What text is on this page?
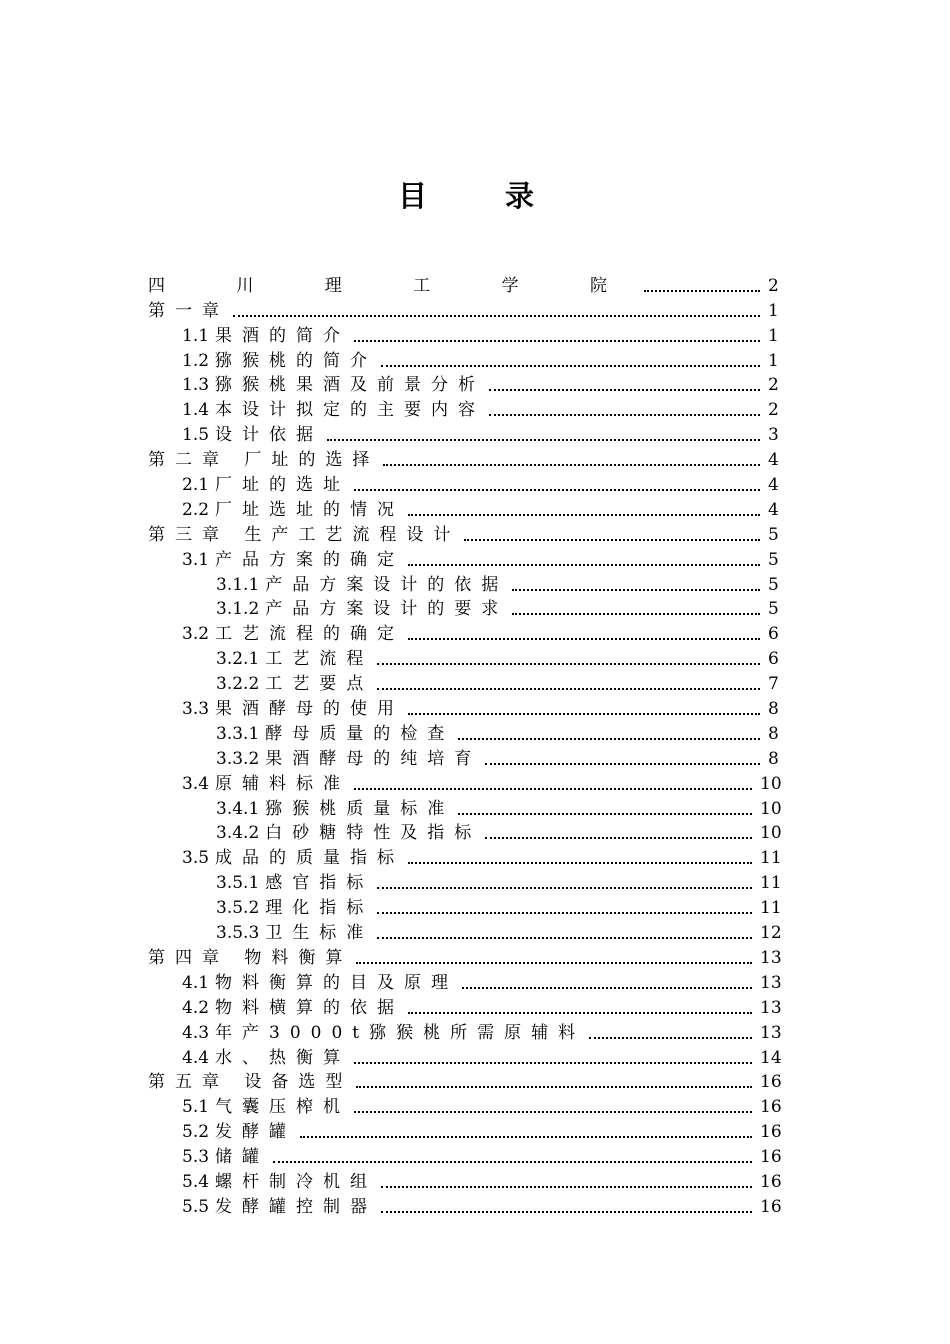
目 录
四 川 理 工 学 院	2
第一章	1
1.1 果酒的简介	1
1.2 猕猴桃的简介	1
1.3 猕猴桃果酒及前景分析	2
1.4 本设计拟定的主要内容	2
1.5 设计依据	3
第二章 厂址的选择	4
2.1 厂址的选址	4
2.2 厂址选址的情况	4
第三章 生产工艺流程设计	5
3.1 产品方案的确定	5
3.1.1 产品方案设计的依据	5
3.1.2 产品方案设计的要求	5
3.2 工艺流程的确定	6
3.2.1 工艺流程	6
3.2.2 工艺要点	7
3.3 果酒酵母的使用	8
3.3.1 酵母质量的检查	8
3.3.2 果酒酵母的纯培育	8
3.4 原辅料标准	10
3.4.1 猕猴桃质量标准	10
3.4.2 白砂糖特性及指标	10
3.5 成品的质量指标	11
3.5.1 感官指标	11
3.5.2 理化指标	11
3.5.3 卫生标准	12
第四章 物料衡算	13
4.1 物料衡算的目及原理	13
4.2 物料横算的依据	13
4.3 年产3000t猕猴桃所需原辅料	13
4.4 水、热衡算	14
第五章 设备选型	16
5.1 气囊压榨机	16
5.2 发酵罐	16
5.3 储罐	16
5.4 螺杆制冷机组	16
5.5 发酵罐控制器	16
